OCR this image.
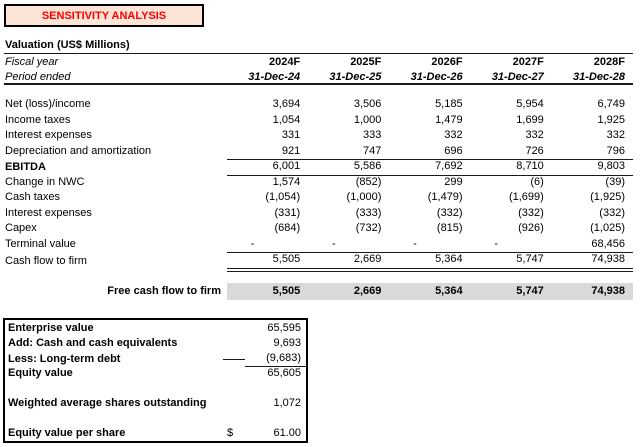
SENSITIVITY ANALYSIS
Valuation (US$ Millions)
Fiscal year	2024F	2025F	2026F	2027F	2028F
Period ended	31-Dec-24	31-Dec-25	31-Dec-26	31-Dec-27	31-Dec-28
Net (loss)/income	3,694	3,506	5,185	5,954	6,749
Income taxes	1,054	1,000	1,479	1,699	1,925
Interest expenses	331	333	332	332	332
Depreciation and amortization	921	747	696	726	796
EBITDA	6,001	5,586	7,692	8,710	9,803
Change in NWC	1,574	(852)	299	(6)	(39)
Cash taxes	(1,054)	(1,000)	(1,479)	(1,699)	(1,925)
Interest expenses	(331)	(333)	(332)	(332)	(332)
Capex	(684)	(732)	(815)	(926)	(1,025)
Terminal value	-	-	-	-	68,456
Cash flow to firm	5,505	2,669	5,364	5,747	74,938
Free cash flow to firm	5,505	2,669	5,364	5,747	74,938
Enterprise value	65,595
Add: Cash and cash equivalents	9,693
Less: Long-term debt	(9,683)
Equity value	65,605
Weighted average shares outstanding	1,072
Equity value per share	$	61.00
